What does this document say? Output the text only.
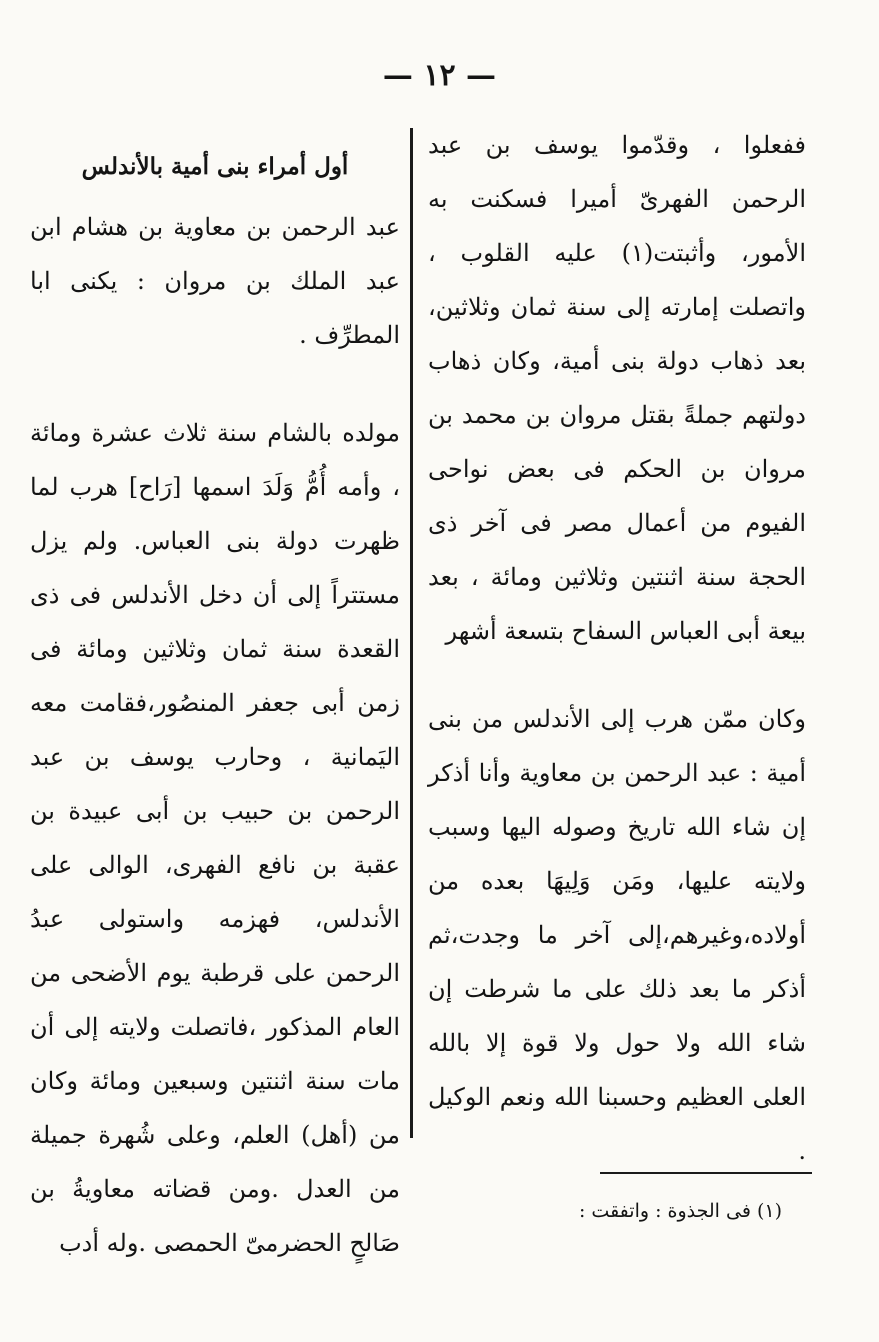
— ١٢ —

ففعلوا ، وقدّموا يوسف بن عبد الرحمن الفهرىّ أميرا فسكنت به الأمور، وأثبتت(١) عليه القلوب ، واتصلت إمارته إلى سنة ثمان وثلاثين، بعد ذهاب دولة بنى أمية، وكان ذهاب دولتهم جملةً بقتل مروان بن محمد بن مروان بن الحكم فى بعض نواحى الفيوم من أعمال مصر فى آخر ذى الحجة سنة اثنتين وثلاثين ومائة ، بعد بيعة أبى العباس السفاح بتسعة أشهر

وكان ممّن هرب إلى الأندلس من بنى أمية : عبد الرحمن بن معاوية وأنا أذكر إن شاء الله تاريخ وصوله اليها وسبب ولايته عليها، ومَن وَلِيهَا بعده من أولاده،وغيرهم،إلى آخر ما وجدت،ثم أذكر ما بعد ذلك على ما شرطت إن شاء الله ولا حول ولا قوة إلا بالله العلى العظيم وحسبنا الله ونعم الوكيل .

أول أمراء بنى أمية بالأندلس

عبد الرحمن بن معاوية بن هشام ابن عبد الملك بن مروان : يكنى ابا المطرِّف .

مولده بالشام سنة ثلاث عشرة ومائة ، وأمه أُمُّ وَلَدَ اسمها [رَاح] هرب لما ظهرت دولة بنى العباس. ولم يزل مستتراً إلى أن دخل الأندلس فى ذى القعدة سنة ثمان وثلاثين ومائة فى زمن أبى جعفر المنصُور،فقامت معه اليَمانية ، وحارب يوسف بن عبد الرحمن بن حبيب بن أبى عبيدة بن عقبة بن نافع الفهرى، الوالى على الأندلس، فهزمه واستولى عبدُ الرحمن على قرطبة يوم الأضحى من العام المذكور ،فاتصلت ولايته إلى أن مات سنة اثنتين وسبعين ومائة وكان من (أهل) العلم، وعلى شُهرة جميلة من العدل .ومن قضاته معاويةُ بن صَالحٍ الحضرمىّ الحمصى .وله أدب

(١) فى الجذوة : واتفقت :
